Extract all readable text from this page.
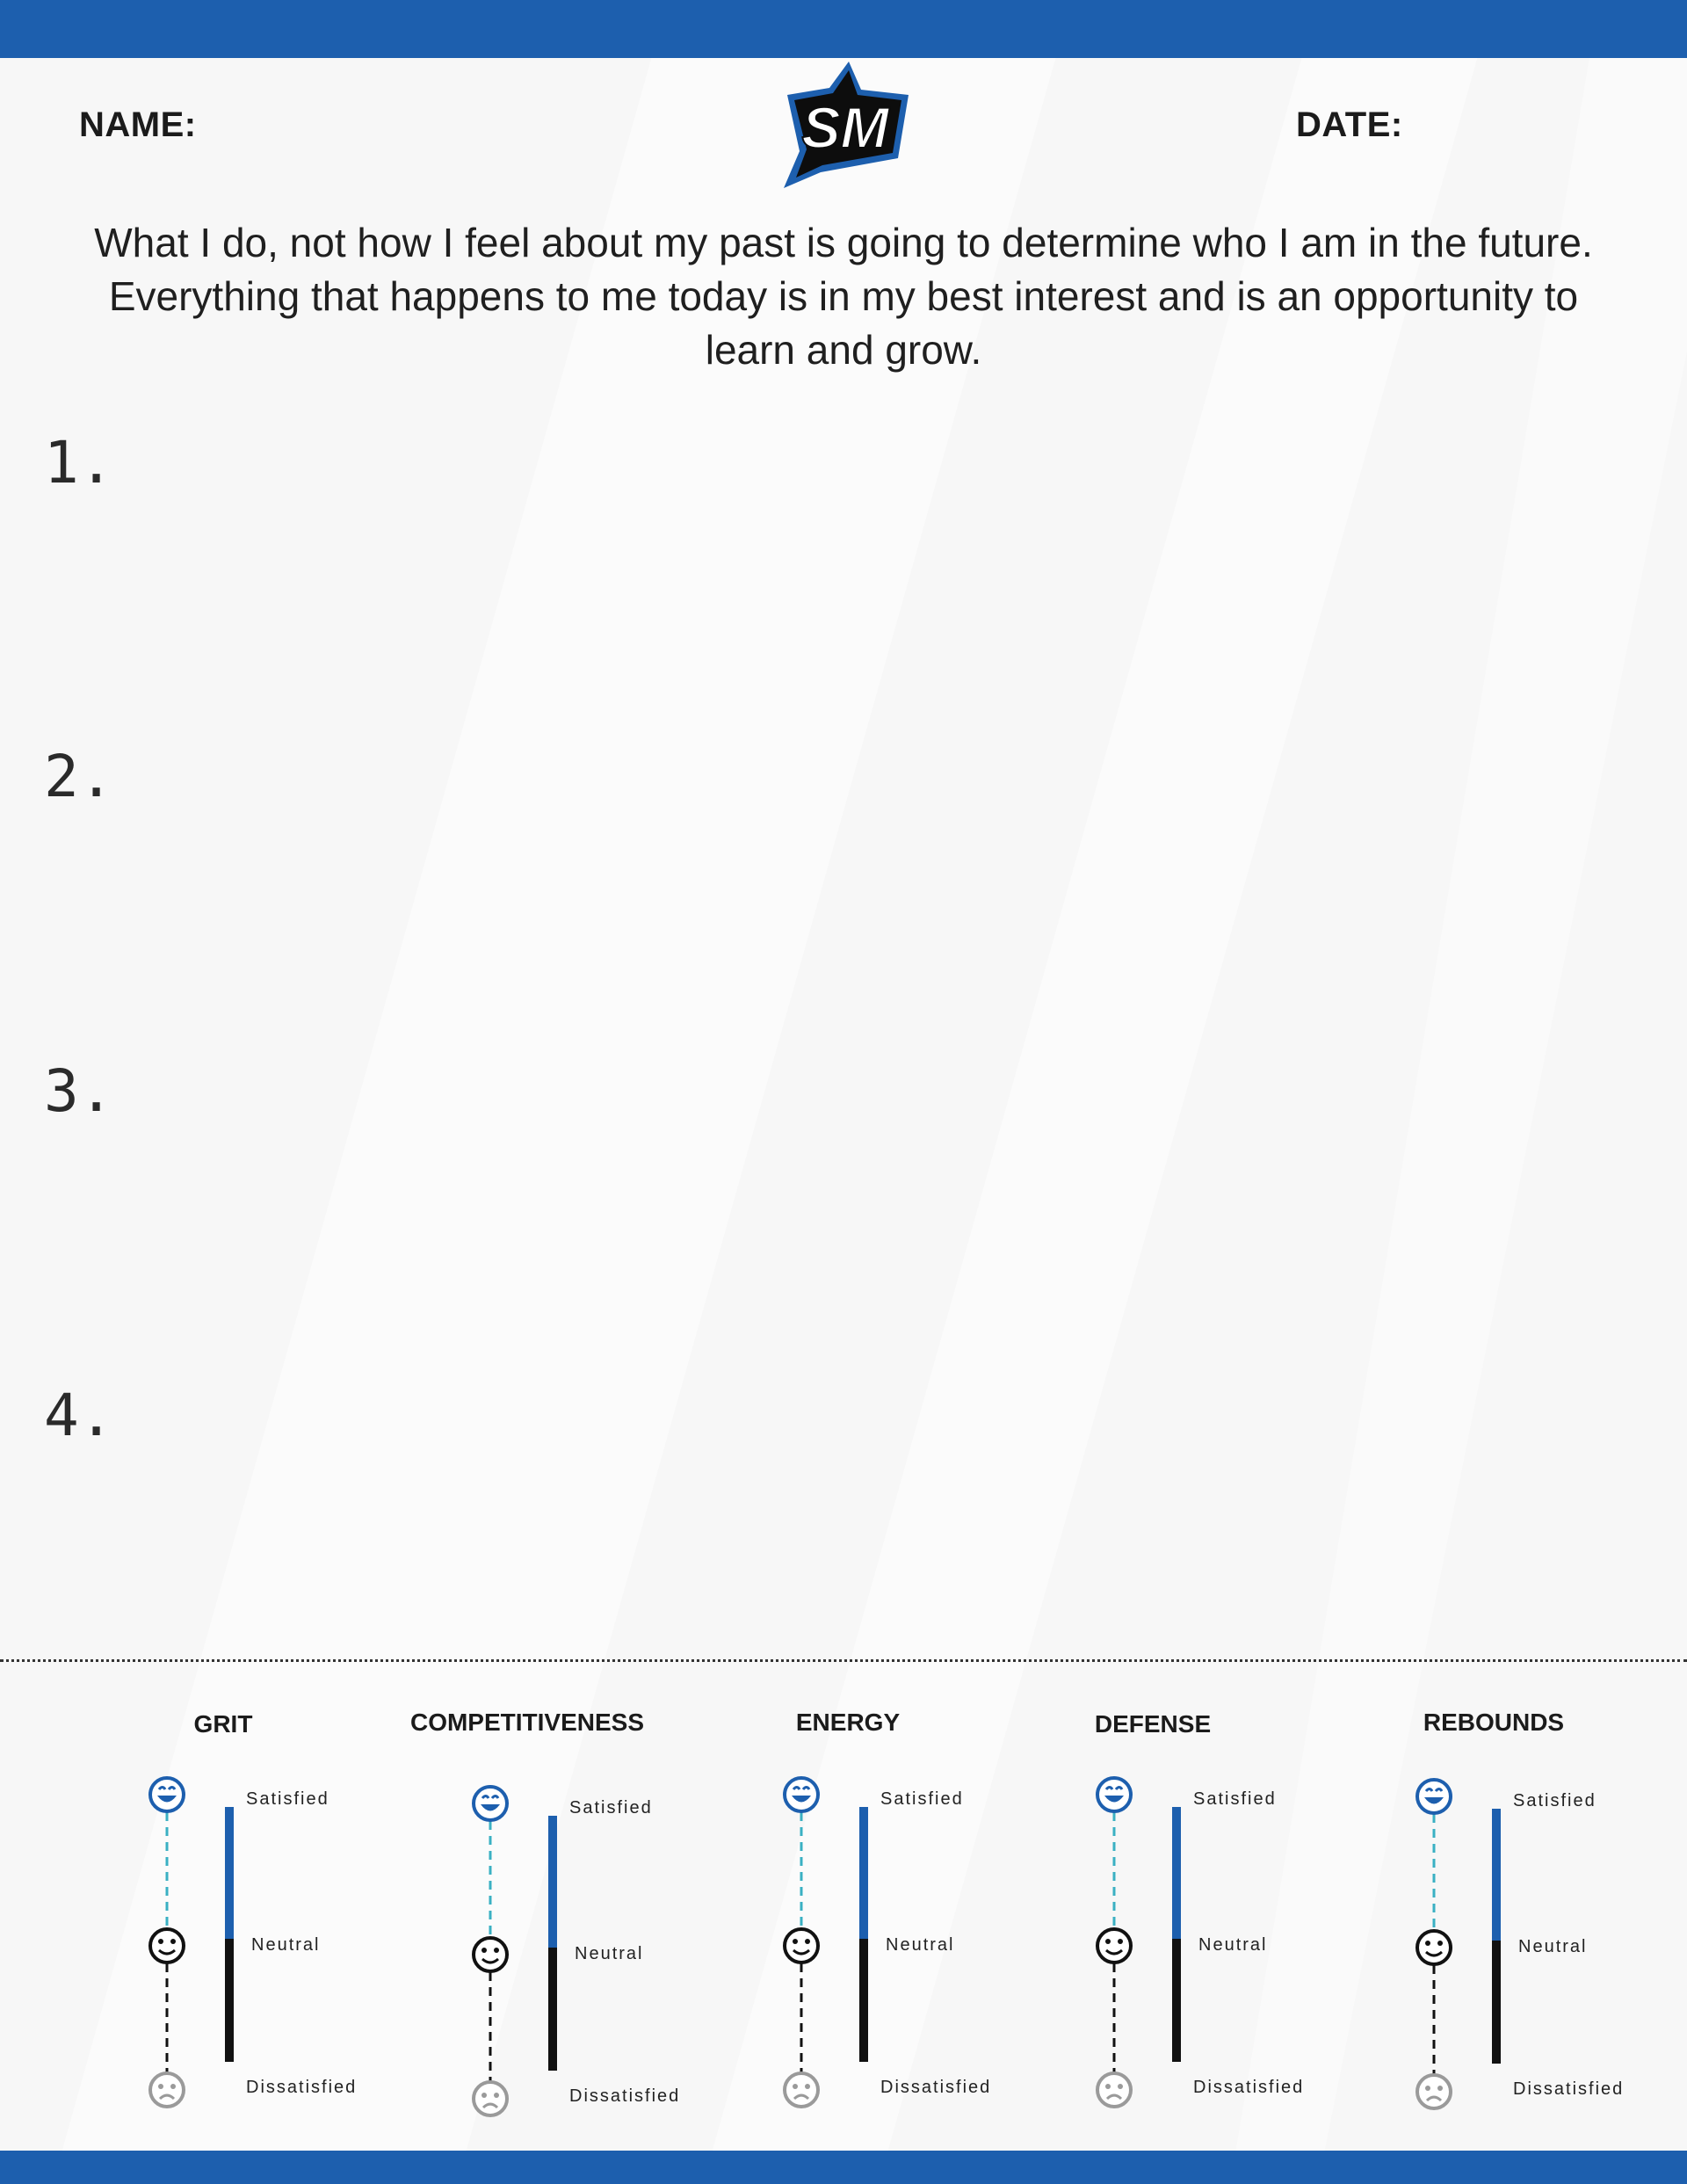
NAME:	DATE:
SM
What I do, not how I feel about my past is going to determine who I am in the future.
Everything that happens to me today is in my best interest and is an opportunity to
learn and grow.
1.
2.
3.
4.
GRIT	COMPETITIVENESS	ENERGY	DEFENSE	REBOUNDS
Satisfied
Neutral
Dissatisfied
Satisfied
Neutral
Dissatisfied
Satisfied
Neutral
Dissatisfied
Satisfied
Neutral
Dissatisfied
Satisfied
Neutral
Dissatisfied
